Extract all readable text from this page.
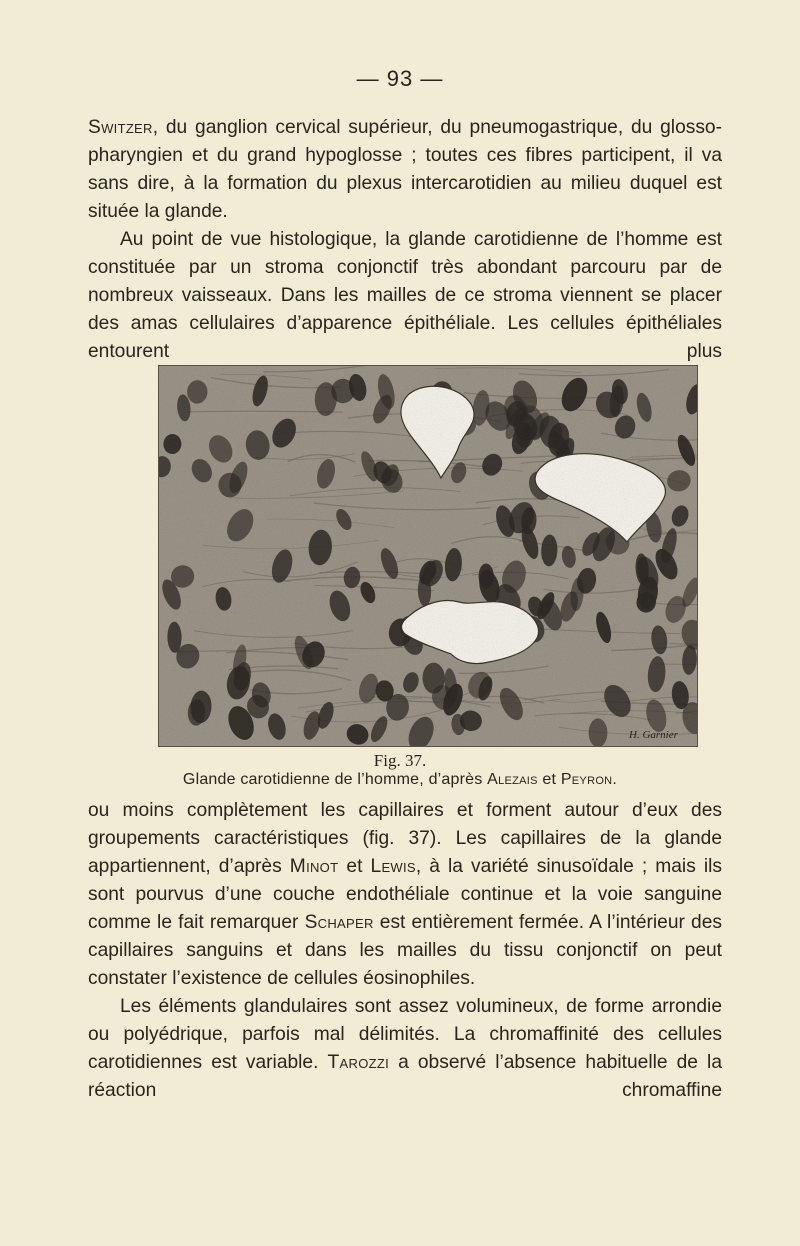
— 93 —

Switzer, du ganglion cervical supérieur, du pneumogastrique, du glosso-pharyngien et du grand hypoglosse ; toutes ces fibres participent, il va sans dire, à la formation du plexus intercarotidien au milieu duquel est située la glande.

Au point de vue histologique, la glande carotidienne de l’homme est constituée par un stroma conjonctif très abondant parcouru par de nombreux vaisseaux. Dans les mailles de ce stroma viennent se placer des amas cellulaires d’apparence épithéliale. Les cellules épithéliales entourent plus

H. Garnier
Fig. 37.
Glande carotidienne de l’homme, d’après Alezais et Peyron.

ou moins complètement les capillaires et forment autour d’eux des groupements caractéristiques (fig. 37). Les capillaires de la glande appartiennent, d’après Minot et Lewis, à la variété sinusoïdale ; mais ils sont pourvus d’une couche endothéliale continue et la voie sanguine comme le fait remarquer Schaper est entièrement fermée. A l’intérieur des capillaires sanguins et dans les mailles du tissu conjonctif on peut constater l’existence de cellules éosinophiles.

Les éléments glandulaires sont assez volumineux, de forme arrondie ou polyédrique, parfois mal délimités. La chromaffinité des cellules carotidiennes est variable. Tarozzi a observé l’absence habituelle de la réaction chromaffine
